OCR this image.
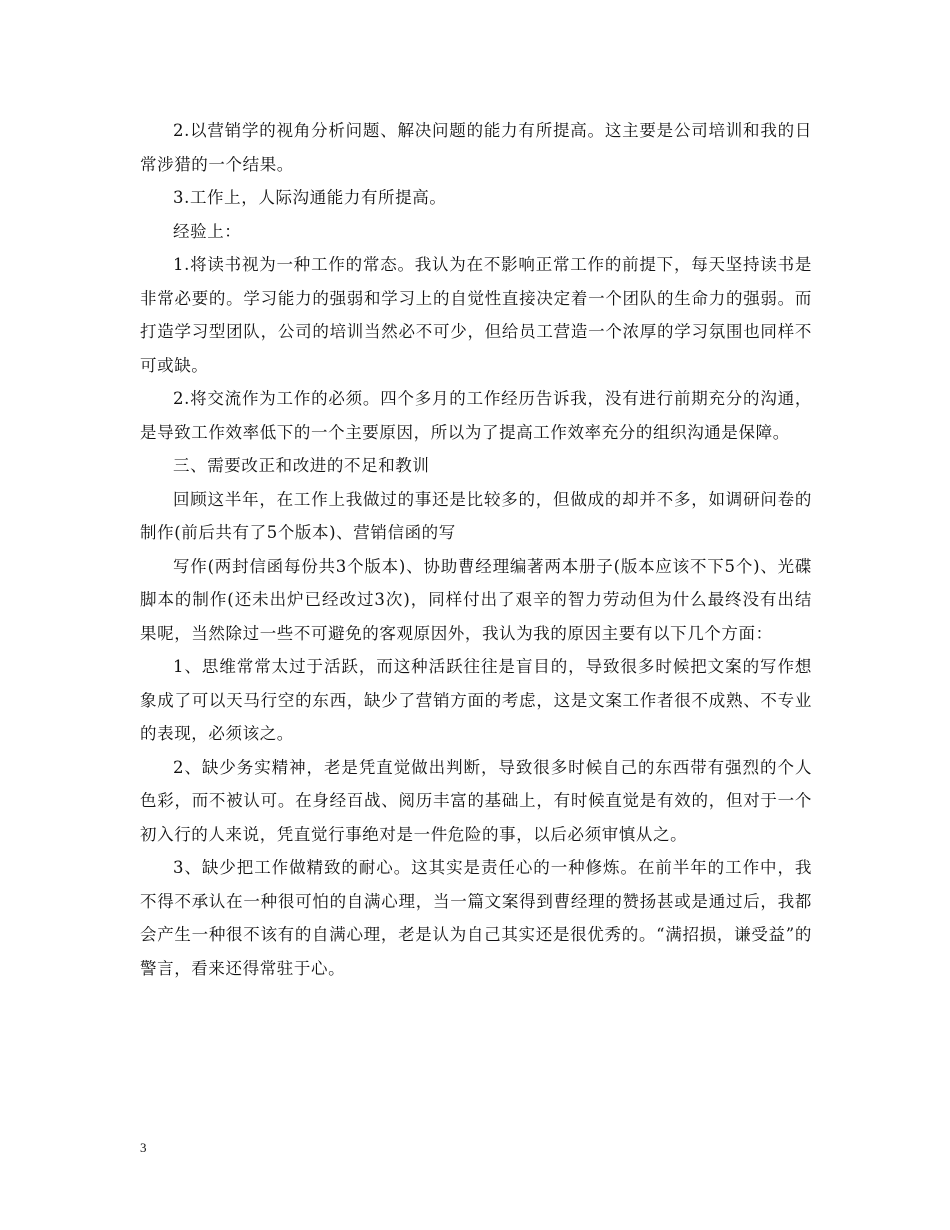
2.以营销学的视角分析问题、解决问题的能力有所提高。这主要是公司培训和我的日常涉猎的一个结果。

3.工作上，人际沟通能力有所提高。

经验上：

1.将读书视为一种工作的常态。我认为在不影响正常工作的前提下，每天坚持读书是非常必要的。学习能力的强弱和学习上的自觉性直接决定着一个团队的生命力的强弱。而打造学习型团队，公司的培训当然必不可少，但给员工营造一个浓厚的学习氛围也同样不可或缺。

2.将交流作为工作的必须。四个多月的工作经历告诉我，没有进行前期充分的沟通，是导致工作效率低下的一个主要原因，所以为了提高工作效率充分的组织沟通是保障。

三、需要改正和改进的不足和教训

回顾这半年，在工作上我做过的事还是比较多的，但做成的却并不多，如调研问卷的制作(前后共有了5个版本)、营销信函的写

写作(两封信函每份共3个版本)、协助曹经理编著两本册子(版本应该不下5个)、光碟脚本的制作(还未出炉已经改过3次)，同样付出了艰辛的智力劳动但为什么最终没有出结果呢，当然除过一些不可避免的客观原因外，我认为我的原因主要有以下几个方面：

1、思维常常太过于活跃，而这种活跃往往是盲目的，导致很多时候把文案的写作想象成了可以天马行空的东西，缺少了营销方面的考虑，这是文案工作者很不成熟、不专业的表现，必须该之。

2、缺少务实精神，老是凭直觉做出判断，导致很多时候自己的东西带有强烈的个人色彩，而不被认可。在身经百战、阅历丰富的基础上，有时候直觉是有效的，但对于一个初入行的人来说，凭直觉行事绝对是一件危险的事，以后必须审慎从之。

3、缺少把工作做精致的耐心。这其实是责任心的一种修炼。在前半年的工作中，我不得不承认在一种很可怕的自满心理，当一篇文案得到曹经理的赞扬甚或是通过后，我都会产生一种很不该有的自满心理，老是认为自己其实还是很优秀的。“满招损，谦受益”的警言，看来还得常驻于心。

3
